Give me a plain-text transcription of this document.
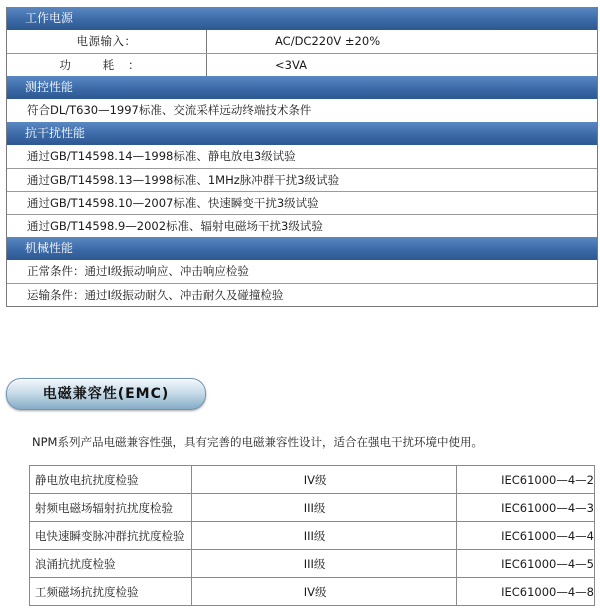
工作电源
电源输入：	AC/DC220V ±20%
功 耗：	<3VA
测控性能
符合DL/T630—1997标准、交流采样远动终端技术条件
抗干扰性能
通过GB/T14598.14—1998标准、静电放电3级试验
通过GB/T14598.13—1998标准、1MHz脉冲群干扰3级试验
通过GB/T14598.10—2007标准、快速瞬变干扰3级试验
通过GB/T14598.9—2002标准、辐射电磁场干扰3级试验
机械性能
正常条件：通过I级振动响应、冲击响应检验
运输条件：通过I级振动耐久、冲击耐久及碰撞检验
电磁兼容性(EMC)
NPM系列产品电磁兼容性强，具有完善的电磁兼容性设计，适合在强电干扰环境中使用。
静电放电抗扰度检验	IV级	IEC61000—4—2
射频电磁场辐射抗扰度检验	III级	IEC61000—4—3
电快速瞬变脉冲群抗扰度检验	III级	IEC61000—4—4
浪涌抗扰度检验	III级	IEC61000—4—5
工频磁场抗扰度检验	IV级	IEC61000—4—8
